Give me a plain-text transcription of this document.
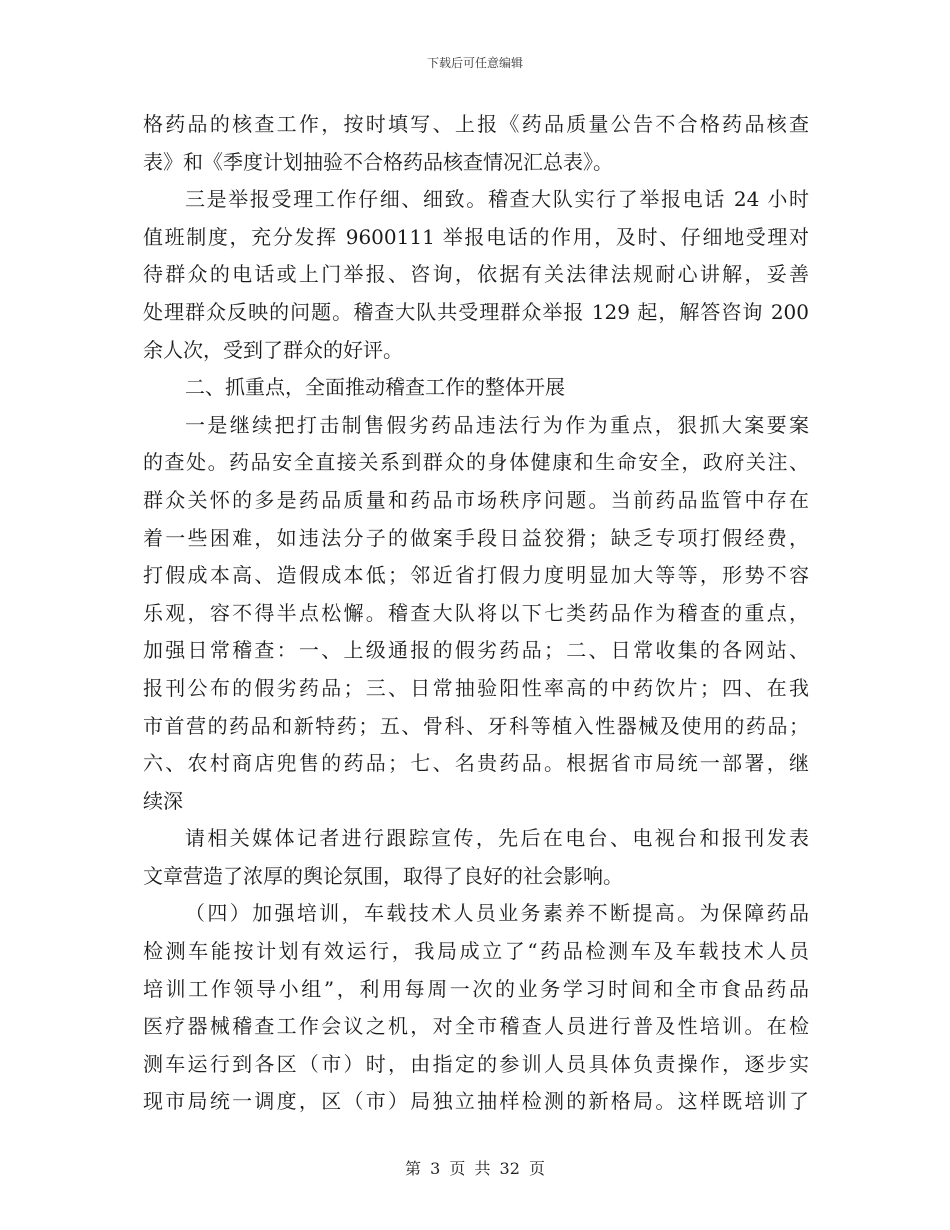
下载后可任意编辑
格药品的核查工作，按时填写、上报《药品质量公告不合格药品核查
表》和《季度计划抽验不合格药品核查情况汇总表》。
三是举报受理工作仔细、细致。稽查大队实行了举报电话 24 小时
值班制度，充分发挥 9600111 举报电话的作用，及时、仔细地受理对
待群众的电话或上门举报、咨询，依据有关法律法规耐心讲解，妥善
处理群众反映的问题。稽查大队共受理群众举报 129 起，解答咨询 200
余人次，受到了群众的好评。
二、抓重点，全面推动稽查工作的整体开展
一是继续把打击制售假劣药品违法行为作为重点，狠抓大案要案
的查处。药品安全直接关系到群众的身体健康和生命安全，政府关注、
群众关怀的多是药品质量和药品市场秩序问题。当前药品监管中存在
着一些困难，如违法分子的做案手段日益狡猾；缺乏专项打假经费，
打假成本高、造假成本低；邻近省打假力度明显加大等等，形势不容
乐观，容不得半点松懈。稽查大队将以下七类药品作为稽查的重点，
加强日常稽查：一、上级通报的假劣药品；二、日常收集的各网站、
报刊公布的假劣药品；三、日常抽验阳性率高的中药饮片；四、在我
市首营的药品和新特药；五、骨科、牙科等植入性器械及使用的药品；
六、农村商店兜售的药品；七、名贵药品。根据省市局统一部署，继
续深
请相关媒体记者进行跟踪宣传，先后在电台、电视台和报刊发表
文章营造了浓厚的舆论氛围，取得了良好的社会影响。
（四）加强培训，车载技术人员业务素养不断提高。为保障药品
检测车能按计划有效运行，我局成立了“药品检测车及车载技术人员
培训工作领导小组”，利用每周一次的业务学习时间和全市食品药品
医疗器械稽查工作会议之机，对全市稽查人员进行普及性培训。在检
测车运行到各区（市）时，由指定的参训人员具体负责操作，逐步实
现市局统一调度，区（市）局独立抽样检测的新格局。这样既培训了
第 3 页 共 32 页
